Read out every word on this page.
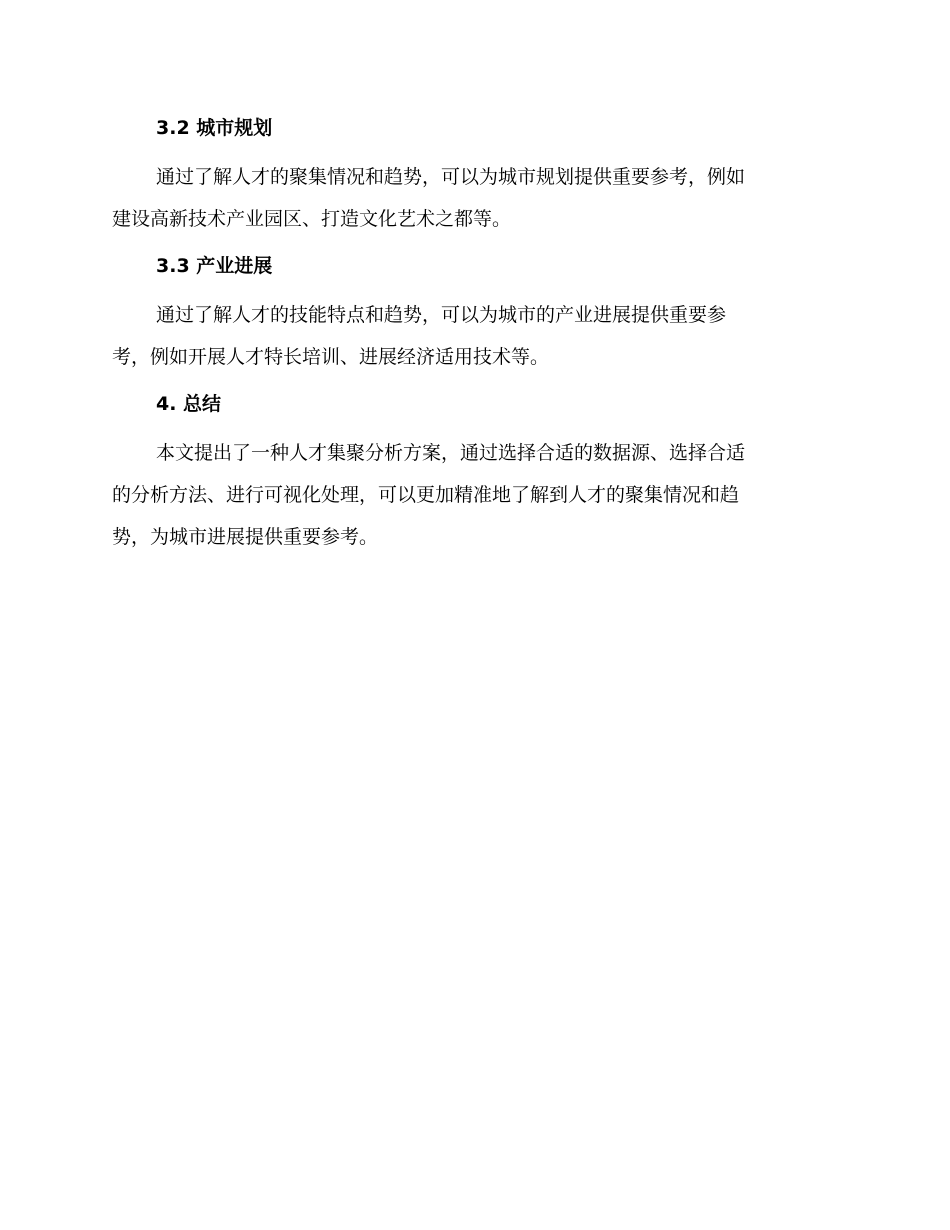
3.2 城市规划
通过了解人才的聚集情况和趋势，可以为城市规划提供重要参考，例如
建设高新技术产业园区、打造文化艺术之都等。
3.3 产业进展
通过了解人才的技能特点和趋势，可以为城市的产业进展提供重要参
考，例如开展人才特长培训、进展经济适用技术等。
4. 总结
本文提出了一种人才集聚分析方案，通过选择合适的数据源、选择合适
的分析方法、进行可视化处理，可以更加精准地了解到人才的聚集情况和趋
势，为城市进展提供重要参考。
